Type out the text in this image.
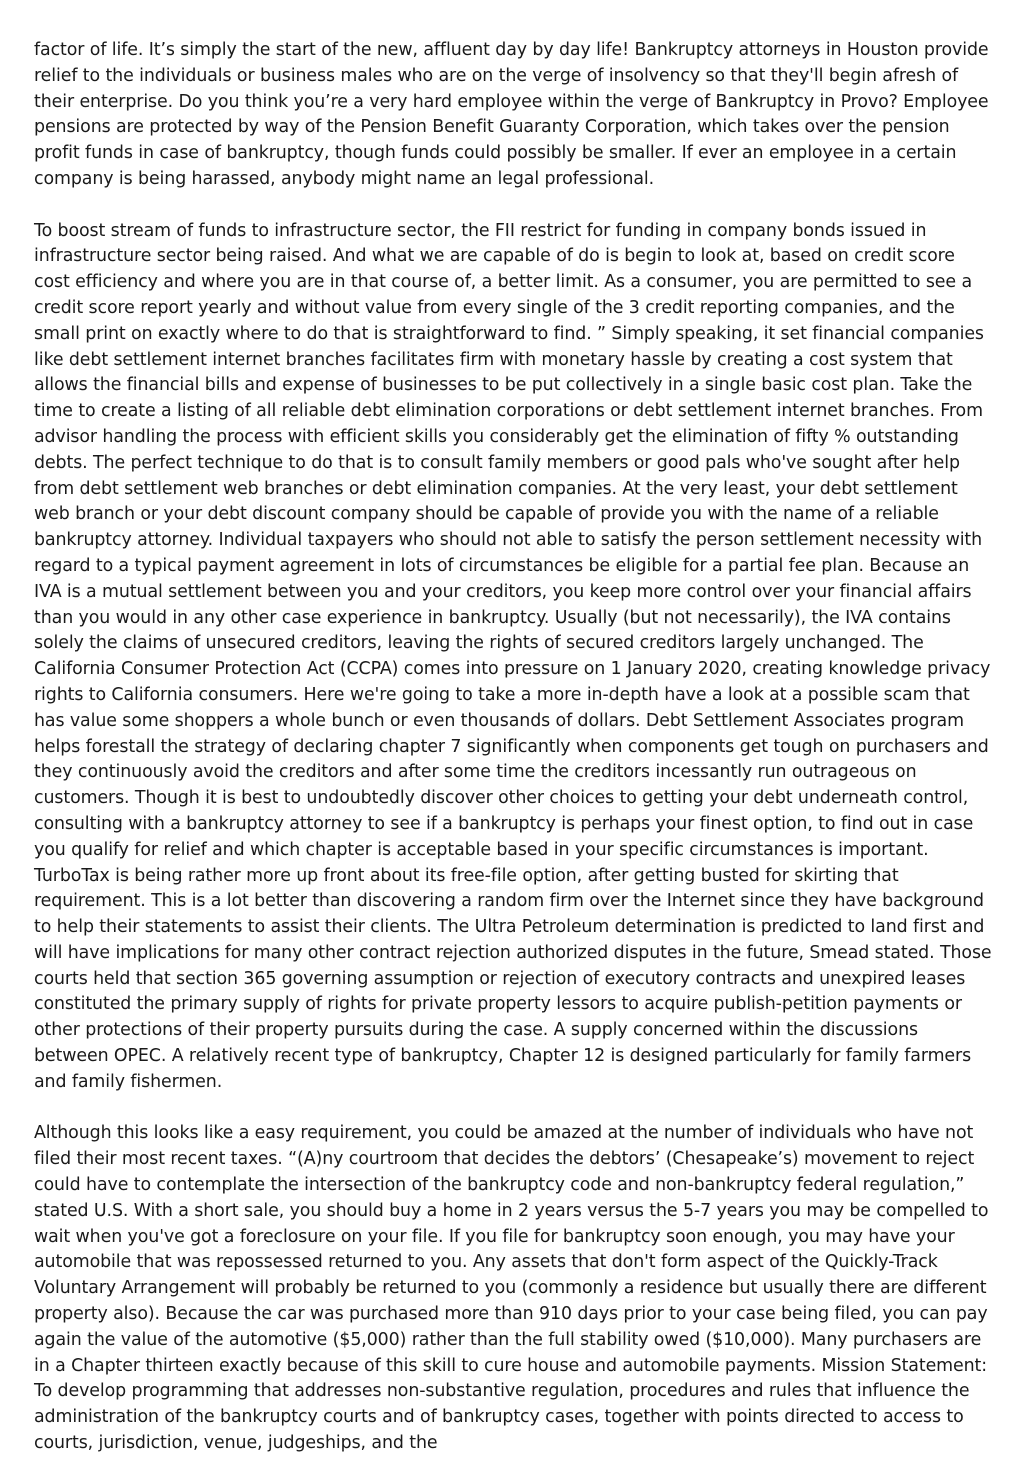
factor of life. It’s simply the start of the new, affluent day by day life! Bankruptcy attorneys in Houston provide relief to the individuals or business males who are on the verge of insolvency so that they'll begin afresh of their enterprise. Do you think you’re a very hard employee within the verge of Bankruptcy in Provo? Employee pensions are protected by way of the Pension Benefit Guaranty Corporation, which takes over the pension profit funds in case of bankruptcy, though funds could possibly be smaller. If ever an employee in a certain company is being harassed, anybody might name an legal professional.

To boost stream of funds to infrastructure sector, the FII restrict for funding in company bonds issued in infrastructure sector being raised. And what we are capable of do is begin to look at, based on credit score cost efficiency and where you are in that course of, a better limit. As a consumer, you are permitted to see a credit score report yearly and without value from every single of the 3 credit reporting companies, and the small print on exactly where to do that is straightforward to find. ” Simply speaking, it set financial companies like debt settlement internet branches facilitates firm with monetary hassle by creating a cost system that allows the financial bills and expense of businesses to be put collectively in a single basic cost plan. Take the time to create a listing of all reliable debt elimination corporations or debt settlement internet branches. From advisor handling the process with efficient skills you considerably get the elimination of fifty % outstanding debts. The perfect technique to do that is to consult family members or good pals who've sought after help from debt settlement web branches or debt elimination companies. At the very least, your debt settlement web branch or your debt discount company should be capable of provide you with the name of a reliable bankruptcy attorney. Individual taxpayers who should not able to satisfy the person settlement necessity with regard to a typical payment agreement in lots of circumstances be eligible for a partial fee plan. Because an IVA is a mutual settlement between you and your creditors, you keep more control over your financial affairs than you would in any other case experience in bankruptcy. Usually (but not necessarily), the IVA contains solely the claims of unsecured creditors, leaving the rights of secured creditors largely unchanged. The California Consumer Protection Act (CCPA) comes into pressure on 1 January 2020, creating knowledge privacy rights to California consumers. Here we're going to take a more in-depth have a look at a possible scam that has value some shoppers a whole bunch or even thousands of dollars. Debt Settlement Associates program helps forestall the strategy of declaring chapter 7 significantly when components get tough on purchasers and they continuously avoid the creditors and after some time the creditors incessantly run outrageous on customers. Though it is best to undoubtedly discover other choices to getting your debt underneath control, consulting with a bankruptcy attorney to see if a bankruptcy is perhaps your finest option, to find out in case you qualify for relief and which chapter is acceptable based in your specific circumstances is important. TurboTax is being rather more up front about its free-file option, after getting busted for skirting that requirement. This is a lot better than discovering a random firm over the Internet since they have background to help their statements to assist their clients. The Ultra Petroleum determination is predicted to land first and will have implications for many other contract rejection authorized disputes in the future, Smead stated. Those courts held that section 365 governing assumption or rejection of executory contracts and unexpired leases constituted the primary supply of rights for private property lessors to acquire publish-petition payments or other protections of their property pursuits during the case. A supply concerned within the discussions between OPEC. A relatively recent type of bankruptcy, Chapter 12 is designed particularly for family farmers and family fishermen.

Although this looks like a easy requirement, you could be amazed at the number of individuals who have not filed their most recent taxes. “(A)ny courtroom that decides the debtors’ (Chesapeake’s) movement to reject could have to contemplate the intersection of the bankruptcy code and non-bankruptcy federal regulation,” stated U.S. With a short sale, you should buy a home in 2 years versus the 5-7 years you may be compelled to wait when you've got a foreclosure on your file. If you file for bankruptcy soon enough, you may have your automobile that was repossessed returned to you. Any assets that don't form aspect of the Quickly-Track Voluntary Arrangement will probably be returned to you (commonly a residence but usually there are different property also). Because the car was purchased more than 910 days prior to your case being filed, you can pay again the value of the automotive ($5,000) rather than the full stability owed ($10,000). Many purchasers are in a Chapter thirteen exactly because of this skill to cure house and automobile payments. Mission Statement: To develop programming that addresses non-substantive regulation, procedures and rules that influence the administration of the bankruptcy courts and of bankruptcy cases, together with points directed to access to courts, jurisdiction, venue, judgeships, and the
